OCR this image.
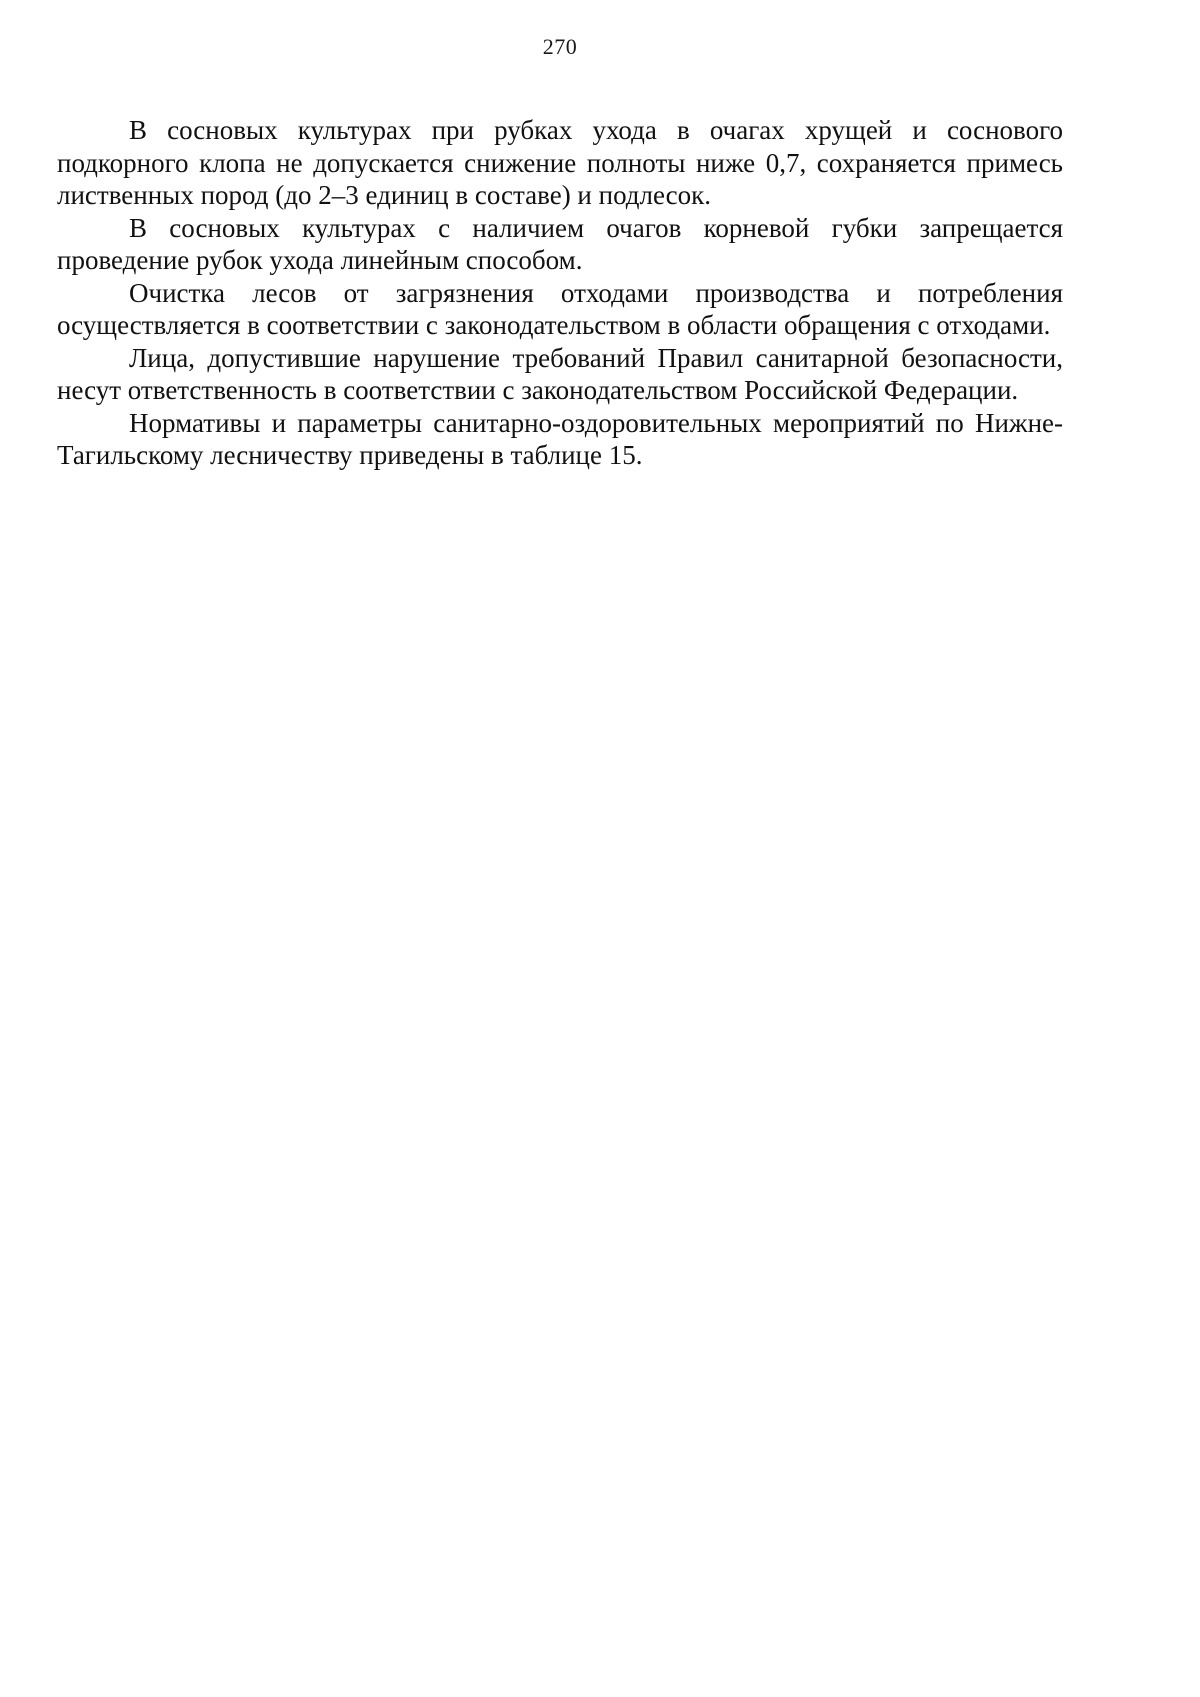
270

В сосновых культурах при рубках ухода в очагах хрущей и соснового подкорного клопа не допускается снижение полноты ниже 0,7, сохраняется примесь лиственных пород (до 2–3 единиц в составе) и подлесок.

В сосновых культурах с наличием очагов корневой губки запрещается проведение рубок ухода линейным способом.

Очистка лесов от загрязнения отходами производства и потребления осуществляется в соответствии с законодательством в области обращения с отходами.

Лица, допустившие нарушение требований Правил санитарной безопасности, несут ответственность в соответствии с законодательством Российской Федерации.

Нормативы и параметры санитарно-оздоровительных мероприятий по Нижне-Тагильскому лесничеству приведены в таблице 15.
